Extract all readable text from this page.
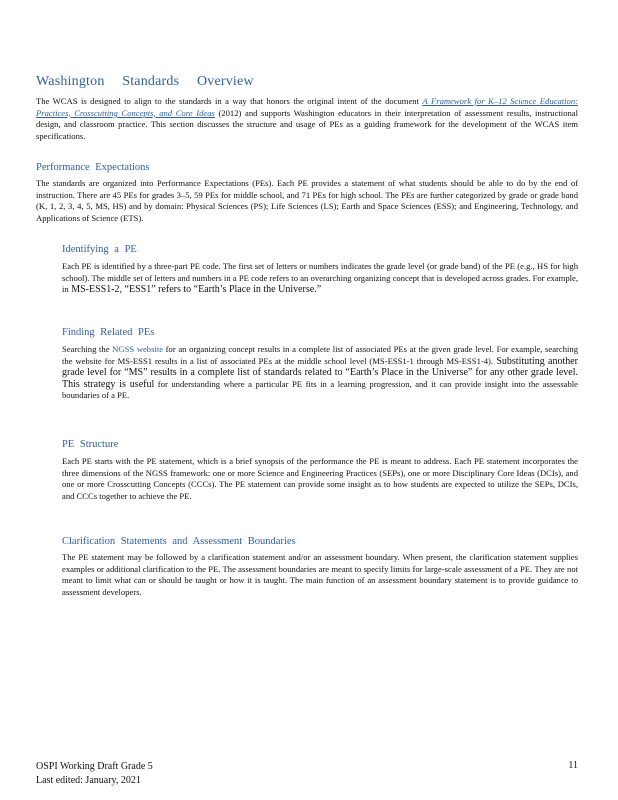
Washington Standards Overview
The WCAS is designed to align to the standards in a way that honors the original intent of the document A Framework for K–12 Science Education: Practices, Crosscutting Concepts, and Core Ideas (2012) and supports Washington educators in their interpretation of assessment results, instructional design, and classroom practice. This section discusses the structure and usage of PEs as a guiding framework for the development of the WCAS item specifications.
Performance Expectations
The standards are organized into Performance Expectations (PEs). Each PE provides a statement of what students should be able to do by the end of instruction. There are 45 PEs for grades 3–5, 59 PEs for middle school, and 71 PEs for high school. The PEs are further categorized by grade or grade band (K, 1, 2, 3, 4, 5, MS, HS) and by domain: Physical Sciences (PS); Life Sciences (LS); Earth and Space Sciences (ESS); and Engineering, Technology, and Applications of Science (ETS).
Identifying a PE
Each PE is identified by a three-part PE code. The first set of letters or numbers indicates the grade level (or grade band) of the PE (e.g., HS for high school). The middle set of letters and numbers in a PE code refers to an overarching organizing concept that is developed across grades. For example, in MS-ESS1-2, “ESS1” refers to “Earth’s Place in the Universe.”
Finding Related PEs
Searching the NGSS website for an organizing concept results in a complete list of associated PEs at the given grade level. For example, searching the website for MS-ESS1 results in a list of associated PEs at the middle school level (MS-ESS1-1 through MS-ESS1-4). Substituting another grade level for “MS” results in a complete list of standards related to “Earth’s Place in the Universe” for any other grade level. This strategy is useful for understanding where a particular PE fits in a learning progression, and it can provide insight into the assessable boundaries of a PE.
PE Structure
Each PE starts with the PE statement, which is a brief synopsis of the performance the PE is meant to address. Each PE statement incorporates the three dimensions of the NGSS framework: one or more Science and Engineering Practices (SEPs), one or more Disciplinary Core Ideas (DCIs), and one or more Crosscutting Concepts (CCCs). The PE statement can provide some insight as to how students are expected to utilize the SEPs, DCIs, and CCCs together to achieve the PE.
Clarification Statements and Assessment Boundaries
The PE statement may be followed by a clarification statement and/or an assessment boundary. When present, the clarification statement supplies examples or additional clarification to the PE. The assessment boundaries are meant to specify limits for large-scale assessment of a PE. They are not meant to limit what can or should be taught or how it is taught. The main function of an assessment boundary statement is to provide guidance to assessment developers.
OSPI Working Draft Grade 5
Last edited: January, 2021
11
